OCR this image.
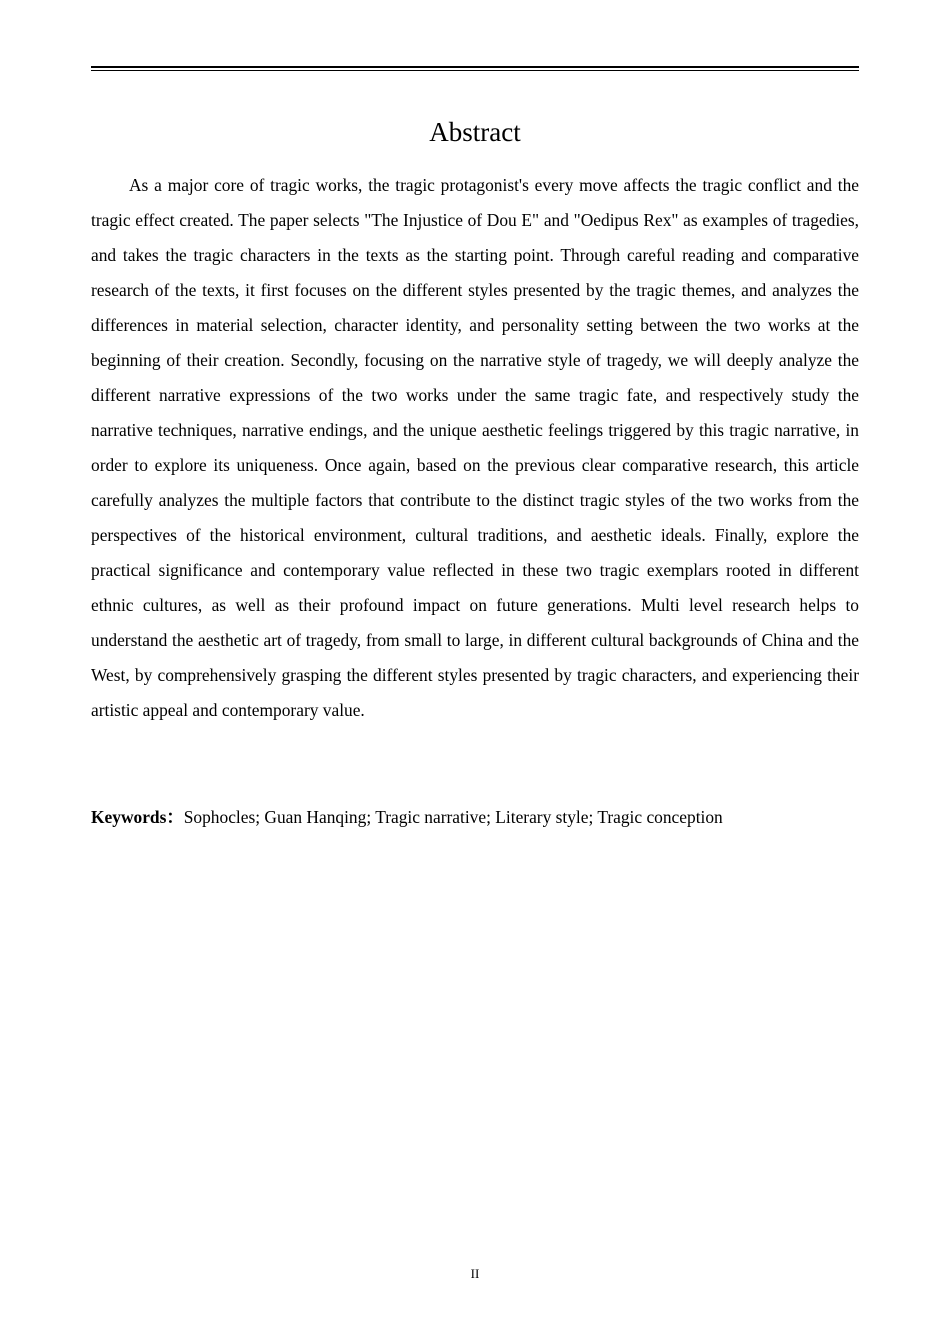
Abstract

As a major core of tragic works, the tragic protagonist's every move affects the tragic conflict and the tragic effect created. The paper selects "The Injustice of Dou E" and "Oedipus Rex" as examples of tragedies, and takes the tragic characters in the texts as the starting point. Through careful reading and comparative research of the texts, it first focuses on the different styles presented by the tragic themes, and analyzes the differences in material selection, character identity, and personality setting between the two works at the beginning of their creation. Secondly, focusing on the narrative style of tragedy, we will deeply analyze the different narrative expressions of the two works under the same tragic fate, and respectively study the narrative techniques, narrative endings, and the unique aesthetic feelings triggered by this tragic narrative, in order to explore its uniqueness. Once again, based on the previous clear comparative research, this article carefully analyzes the multiple factors that contribute to the distinct tragic styles of the two works from the perspectives of the historical environment, cultural traditions, and aesthetic ideals. Finally, explore the practical significance and contemporary value reflected in these two tragic exemplars rooted in different ethnic cultures, as well as their profound impact on future generations. Multi level research helps to understand the aesthetic art of tragedy, from small to large, in different cultural backgrounds of China and the West, by comprehensively grasping the different styles presented by tragic characters, and experiencing their artistic appeal and contemporary value.

Keywords：Sophocles; Guan Hanqing; Tragic narrative; Literary style; Tragic conception

II
